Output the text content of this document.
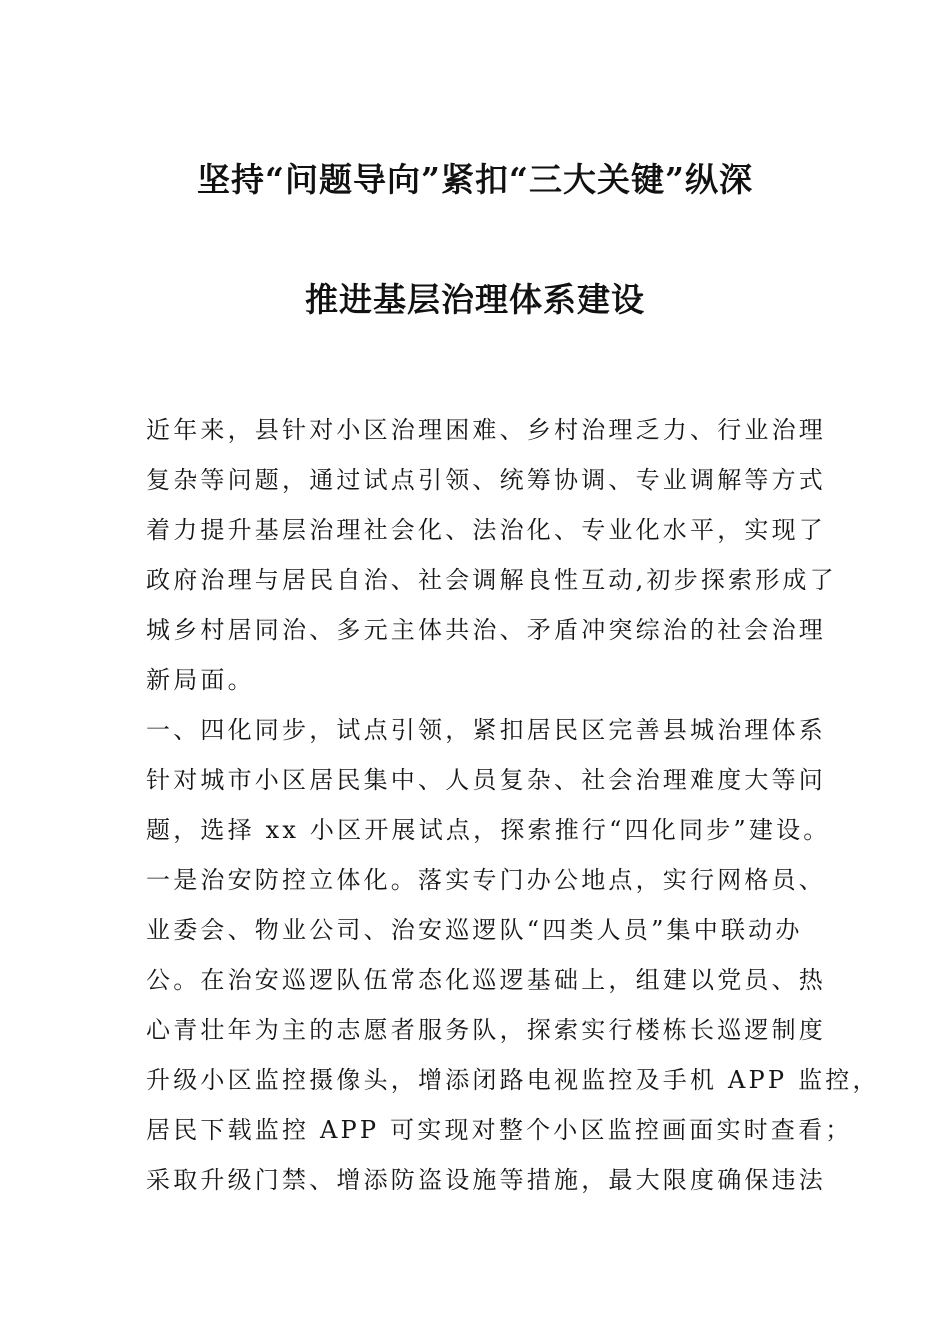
坚持“问题导向”紧扣“三大关键”纵深
推进基层治理体系建设
近年来，县针对小区治理困难、乡村治理乏力、行业治理
复杂等问题，通过试点引领、统筹协调、专业调解等方式
着力提升基层治理社会化、法治化、专业化水平，实现了
政府治理与居民自治、社会调解良性互动,初步探索形成了
城乡村居同治、多元主体共治、矛盾冲突综治的社会治理
新局面。
一、四化同步，试点引领，紧扣居民区完善县城治理体系
针对城市小区居民集中、人员复杂、社会治理难度大等问
题，选择 xx 小区开展试点，探索推行“四化同步”建设。
一是治安防控立体化。落实专门办公地点，实行网格员、
业委会、物业公司、治安巡逻队“四类人员”集中联动办
公。在治安巡逻队伍常态化巡逻基础上，组建以党员、热
心青壮年为主的志愿者服务队，探索实行楼栋长巡逻制度
升级小区监控摄像头，增添闭路电视监控及手机 APP 监控，
居民下载监控 APP 可实现对整个小区监控画面实时查看；
采取升级门禁、增添防盗设施等措施，最大限度确保违法
